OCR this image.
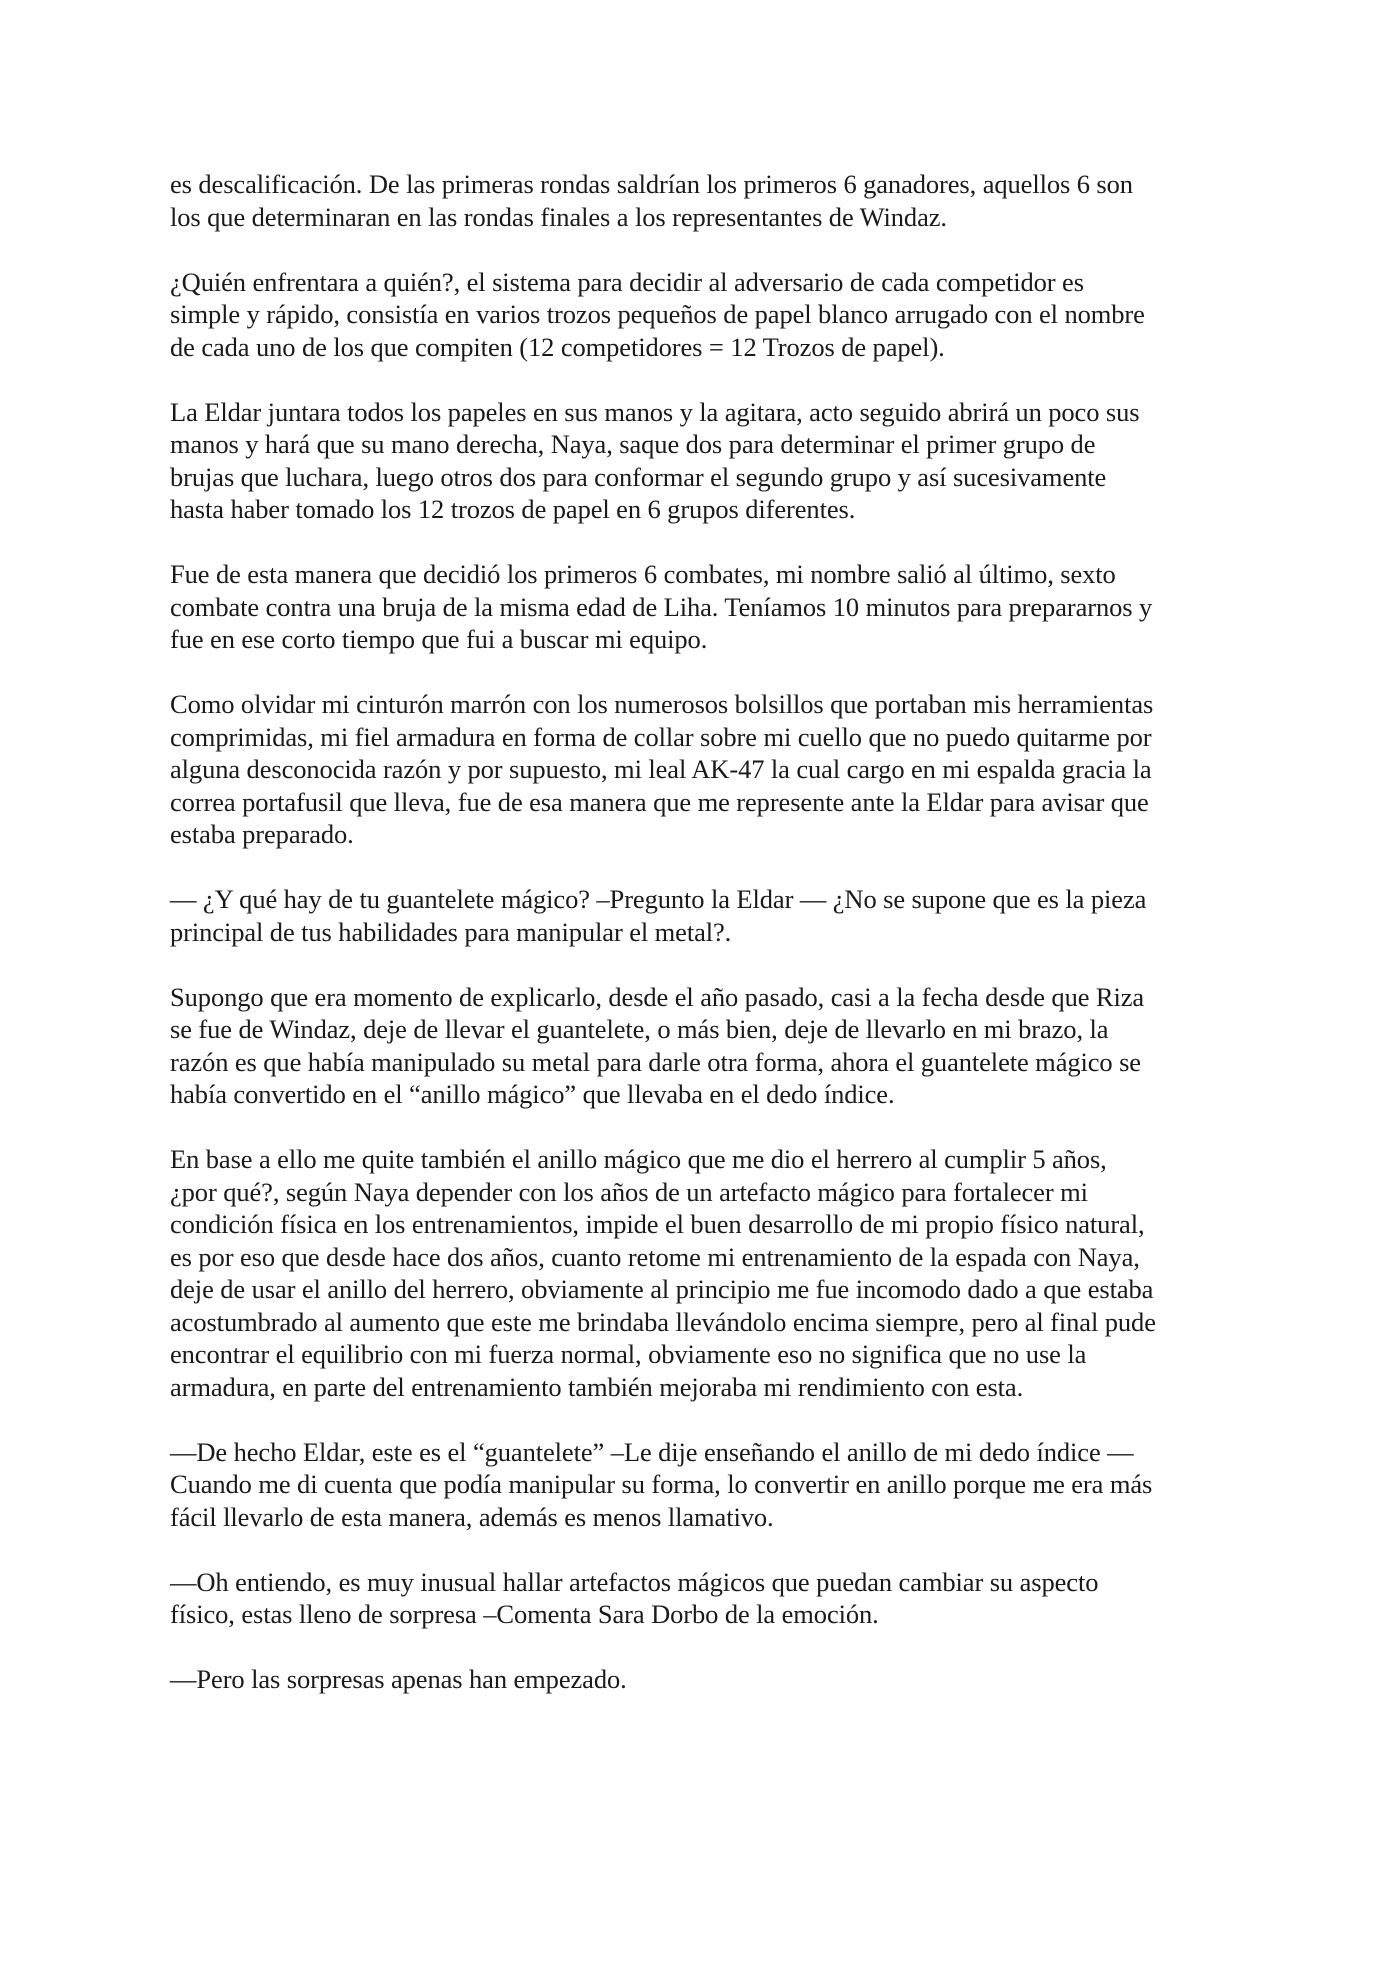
es descalificación. De las primeras rondas saldrían los primeros 6 ganadores, aquellos 6 son
los que determinaran en las rondas finales a los representantes de Windaz.

¿Quién enfrentara a quién?, el sistema para decidir al adversario de cada competidor es
simple y rápido, consistía en varios trozos pequeños de papel blanco arrugado con el nombre
de cada uno de los que compiten (12 competidores = 12 Trozos de papel).

La Eldar juntara todos los papeles en sus manos y la agitara, acto seguido abrirá un poco sus
manos y hará que su mano derecha, Naya, saque dos para determinar el primer grupo de
brujas que luchara, luego otros dos para conformar el segundo grupo y así sucesivamente
hasta haber tomado los 12 trozos de papel en 6 grupos diferentes.

Fue de esta manera que decidió los primeros 6 combates, mi nombre salió al último, sexto
combate contra una bruja de la misma edad de Liha. Teníamos 10 minutos para prepararnos y
fue en ese corto tiempo que fui a buscar mi equipo.

Como olvidar mi cinturón marrón con los numerosos bolsillos que portaban mis herramientas
comprimidas, mi fiel armadura en forma de collar sobre mi cuello que no puedo quitarme por
alguna desconocida razón y por supuesto, mi leal AK-47 la cual cargo en mi espalda gracia la
correa portafusil que lleva, fue de esa manera que me represente ante la Eldar para avisar que
estaba preparado.

— ¿Y qué hay de tu guantelete mágico? –Pregunto la Eldar — ¿No se supone que es la pieza
principal de tus habilidades para manipular el metal?.

Supongo que era momento de explicarlo, desde el año pasado, casi a la fecha desde que Riza
se fue de Windaz, deje de llevar el guantelete, o más bien, deje de llevarlo en mi brazo, la
razón es que había manipulado su metal para darle otra forma, ahora el guantelete mágico se
había convertido en el “anillo mágico” que llevaba en el dedo índice.

En base a ello me quite también el anillo mágico que me dio el herrero al cumplir 5 años,
¿por qué?, según Naya depender con los años de un artefacto mágico para fortalecer mi
condición física en los entrenamientos, impide el buen desarrollo de mi propio físico natural,
es por eso que desde hace dos años, cuanto retome mi entrenamiento de la espada con Naya,
deje de usar el anillo del herrero, obviamente al principio me fue incomodo dado a que estaba
acostumbrado al aumento que este me brindaba llevándolo encima siempre, pero al final pude
encontrar el equilibrio con mi fuerza normal, obviamente eso no significa que no use la
armadura, en parte del entrenamiento también mejoraba mi rendimiento con esta.

—De hecho Eldar, este es el “guantelete” –Le dije enseñando el anillo de mi dedo índice —
Cuando me di cuenta que podía manipular su forma, lo convertir en anillo porque me era más
fácil llevarlo de esta manera, además es menos llamativo.

—Oh entiendo, es muy inusual hallar artefactos mágicos que puedan cambiar su aspecto
físico, estas lleno de sorpresa –Comenta Sara Dorbo de la emoción.

—Pero las sorpresas apenas han empezado.
